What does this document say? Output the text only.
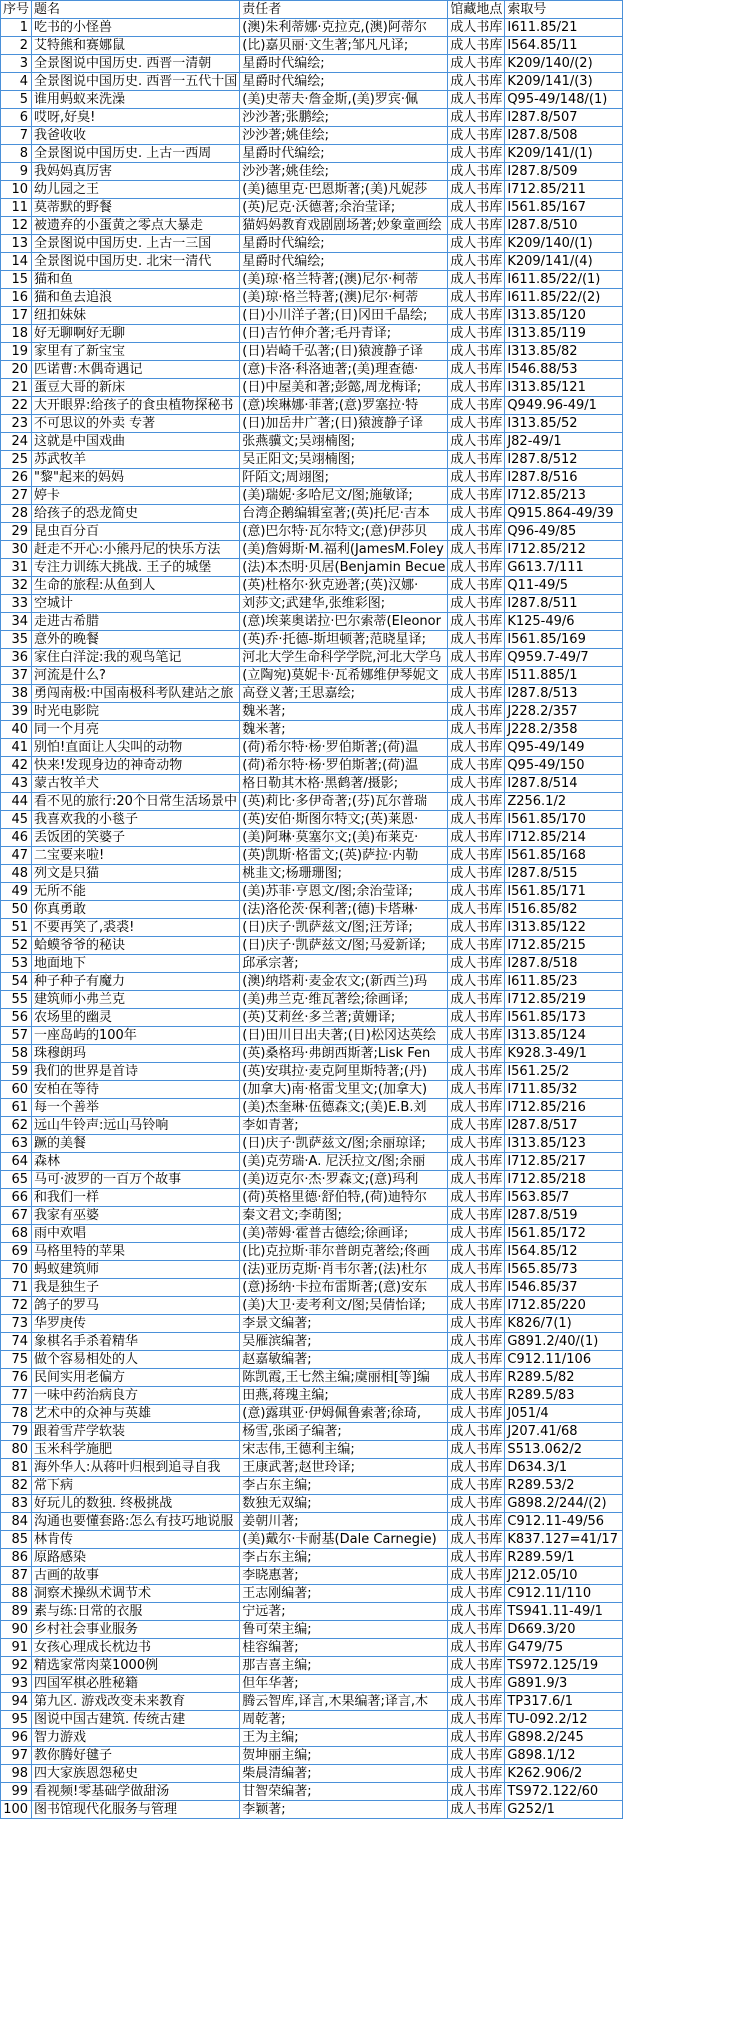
序号	题名	责任者	馆藏地点	索取号
1	吃书的小怪兽	(澳)朱利蒂娜·克拉克,(澳)阿蒂尔	成人书库	I611.85/21
2	艾特熊和赛娜鼠	(比)嘉贝丽·文生著;邹凡凡译;	成人书库	I564.85/11
3	全景图说中国历史. 西晋一清朝	星爵时代编绘;	成人书库	K209/140/(2)
4	全景图说中国历史. 西晋一五代十国	星爵时代编绘;	成人书库	K209/141/(3)
5	谁用蚂蚁来洗澡	(美)史蒂夫·詹金斯,(美)罗宾·佩	成人书库	Q95-49/148/(1)
6	哎呀,好臭!	沙沙著;张鹏绘;	成人书库	I287.8/507
7	我爸收收	沙沙著;姚佳绘;	成人书库	I287.8/508
8	全景图说中国历史. 上古一西周	星爵时代编绘;	成人书库	K209/141/(1)
9	我妈妈真厉害	沙沙著;姚佳绘;	成人书库	I287.8/509
10	幼儿园之王	(美)德里克·巴恩斯著;(美)凡妮莎	成人书库	I712.85/211
11	莫蒂默的野餐	(英)尼克·沃德著;余治莹译;	成人书库	I561.85/167
12	被遗弃的小蛋黄之零点大暴走	猫妈妈教育戏剧剧场著;妙象童画绘	成人书库	I287.8/510
13	全景图说中国历史. 上古一三国	星爵时代编绘;	成人书库	K209/140/(1)
14	全景图说中国历史. 北宋一清代	星爵时代编绘;	成人书库	K209/141/(4)
15	猫和鱼	(美)琼·格兰特著;(澳)尼尔·柯蒂	成人书库	I611.85/22/(1)
16	猫和鱼去追浪	(美)琼·格兰特著;(澳)尼尔·柯蒂	成人书库	I611.85/22/(2)
17	纽扣妹妹	(日)小川洋子著;(日)冈田千晶绘;	成人书库	I313.85/120
18	好无聊啊好无聊	(日)吉竹伸介著;毛丹青译;	成人书库	I313.85/119
19	家里有了新宝宝	(日)岩崎千弘著;(日)猿渡静子译	成人书库	I313.85/82
20	匹诺曹:木偶奇遇记	(意)卡洛·科洛迪著;(美)理查德·	成人书库	I546.88/53
21	蛋豆大哥的新床	(日)中屋美和著;彭懿,周龙梅译;	成人书库	I313.85/121
22	大开眼界:给孩子的食虫植物探秘书	(意)埃琳娜·菲著;(意)罗塞拉·特	成人书库	Q949.96-49/1
23	不可思议的外卖 专著	(日)加岳井广著;(日)猿渡静子译	成人书库	I313.85/52
24	这就是中国戏曲	张燕骥文;吴翊楠图;	成人书库	J82-49/1
25	苏武牧羊	吴正阳文;吴翊楠图;	成人书库	I287.8/512
26	"黎"起来的妈妈	阡陌文;周翊图;	成人书库	I287.8/516
27	婷卡	(美)瑞妮·多哈尼文/图;施敏译;	成人书库	I712.85/213
28	给孩子的恐龙简史	台湾企鹅编辑室著;(英)托尼·吉本	成人书库	Q915.864-49/39
29	昆虫百分百	(意)巴尔特·瓦尔特文;(意)伊莎贝	成人书库	Q96-49/85
30	赶走不开心:小熊丹尼的快乐方法	(美)詹姆斯·M.福利(JamesM.Foley	成人书库	I712.85/212
31	专注力训练大挑战. 王子的城堡	(法)本杰明·贝居(Benjamin Becue	成人书库	G613.7/111
32	生命的旅程:从鱼到人	(英)杜格尔·狄克逊著;(英)汉娜·	成人书库	Q11-49/5
33	空城计	刘莎文;武建华,张维彩图;	成人书库	I287.8/511
34	走进古希腊	(意)埃莱奥诺拉·巴尔索蒂(Eleonor	成人书库	K125-49/6
35	意外的晚餐	(英)乔·托德-斯坦顿著;范晓星译;	成人书库	I561.85/169
36	家住白洋淀:我的观鸟笔记	河北大学生命科学学院,河北大学乌	成人书库	Q959.7-49/7
37	河流是什么?	(立陶宛)莫妮卡·瓦希娜维伊琴妮文	成人书库	I511.885/1
38	勇闯南极:中国南极科考队建站之旅	高登义著;王思嘉绘;	成人书库	I287.8/513
39	时光电影院	魏米著;	成人书库	J228.2/357
40	同一个月亮	魏米著;	成人书库	J228.2/358
41	别怕!直面让人尖叫的动物	(荷)希尔特·杨·罗伯斯著;(荷)温	成人书库	Q95-49/149
42	快来!发现身边的神奇动物	(荷)希尔特·杨·罗伯斯著;(荷)温	成人书库	Q95-49/150
43	蒙古牧羊犬	格日勒其木格·黑鹤著/摄影;	成人书库	I287.8/514
44	看不见的旅行:20个日常生活场景中	(英)莉比·多伊奇著;(芬)瓦尔普瑞	成人书库	Z256.1/2
45	我喜欢我的小毯子	(英)安伯·斯图尔特文;(英)莱恩·	成人书库	I561.85/170
46	丢饭团的笑婆子	(美)阿琳·莫塞尔文;(美)布莱克·	成人书库	I712.85/214
47	二宝要来啦!	(英)凯斯·格雷文;(英)萨拉·内勒	成人书库	I561.85/168
48	列文是只猫	桃韭文;杨珊珊图;	成人书库	I287.8/515
49	无所不能	(美)苏菲·亨恩文/图;余治莹译;	成人书库	I561.85/171
50	你真勇敢	(法)洛伦茨·保利著;(德)卡塔琳·	成人书库	I516.85/82
51	不要再笑了,裘裘!	(日)庆子·凯萨兹文/图;汪芳译;	成人书库	I313.85/122
52	蛤蟆爷爷的秘诀	(日)庆子·凯萨兹文/图;马爱新译;	成人书库	I712.85/215
53	地面地下	邱承宗著;	成人书库	I287.8/518
54	种子种子有魔力	(澳)纳塔莉·麦金农文;(新西兰)玛	成人书库	I611.85/23
55	建筑师小弗兰克	(美)弗兰克·维瓦著绘;徐画译;	成人书库	I712.85/219
56	农场里的幽灵	(英)艾莉丝·多兰著;黄姗译;	成人书库	I561.85/173
57	一座岛屿的100年	(日)田川日出夫著;(日)松冈达英绘	成人书库	I313.85/124
58	珠穆朗玛	(英)桑格玛·弗朗西斯著;Lisk Fen	成人书库	K928.3-49/1
59	我们的世界是首诗	(英)安琪拉·麦克阿里斯特著;(丹)	成人书库	I561.25/2
60	安柏在等待	(加拿大)南·格雷戈里文;(加拿大)	成人书库	I711.85/32
61	每一个善举	(美)杰奎琳·伍德森文;(美)E.B.刘	成人书库	I712.85/216
62	远山牛铃声:远山马铃响	李如青著;	成人书库	I287.8/517
63	蹶的美餐	(日)庆子·凯萨兹文/图;余丽琼译;	成人书库	I313.85/123
64	森林	(美)克劳瑞·A. 尼沃拉文/图;余丽	成人书库	I712.85/217
65	马可·波罗的一百万个故事	(美)迈克尔·杰·罗森文;(意)玛利	成人书库	I712.85/218
66	和我们一样	(荷)英格里德·舒伯特,(荷)迪特尔	成人书库	I563.85/7
67	我家有巫婆	秦文君文;李萌图;	成人书库	I287.8/519
68	雨中欢唱	(美)蒂姆·霍普古德绘;徐画译;	成人书库	I561.85/172
69	马格里特的苹果	(比)克拉斯·菲尔普朗克著绘;佟画	成人书库	I564.85/12
70	蚂蚁建筑师	(法)亚历克斯·肖韦尔著;(法)杜尔	成人书库	I565.85/73
71	我是独生子	(意)扬纳·卡拉布雷斯著;(意)安东	成人书库	I546.85/37
72	鸽子的罗马	(美)大卫·麦考利文/图;吴倩怡译;	成人书库	I712.85/220
73	华罗庚传	李景文编著;	成人书库	K826/7(1)
74	象棋名手杀着精华	吴雁滨编著;	成人书库	G891.2/40/(1)
75	做个容易相处的人	赵嘉敏编著;	成人书库	C912.11/106
76	民间实用老偏方	陈凯霞,王七然主编;虞丽相[等]编	成人书库	R289.5/82
77	一味中药治病良方	田燕,蒋瑰主编;	成人书库	R289.5/83
78	艺术中的众神与英雄	(意)露琪亚·伊姆佩鲁索著;徐琦,	成人书库	J051/4
79	跟着雪芹学软装	杨雪,张函子编著;	成人书库	J207.41/68
80	玉米科学施肥	宋志伟,王德利主编;	成人书库	S513.062/2
81	海外华人:从蒋叶归根到追寻自我	王康武著;赵世玲译;	成人书库	D634.3/1
82	常下病	李占东主编;	成人书库	R289.53/2
83	好玩儿的数独. 终极挑战	数独无双编;	成人书库	G898.2/244/(2)
84	沟通也要懂套路:怎么有技巧地说服	姜朝川著;	成人书库	C912.11-49/56
85	林肯传	(美)戴尔·卡耐基(Dale Carnegie)	成人书库	K837.127=41/17
86	原路感染	李占东主编;	成人书库	R289.59/1
87	古画的故事	李晓惠著;	成人书库	J212.05/10
88	洞察术操纵术调节术	王志刚编著;	成人书库	C912.11/110
89	素与练:日常的衣服	宁远著;	成人书库	TS941.11-49/1
90	乡村社会事业服务	鲁可荣主编;	成人书库	D669.3/20
91	女孩心理成长枕边书	桂容编著;	成人书库	G479/75
92	精选家常肉菜1000例	那吉喜主编;	成人书库	TS972.125/19
93	四国军棋必胜秘籍	但年华著;	成人书库	G891.9/3
94	第九区. 游戏改变未来教育	腾云智库,译言,木果编著;译言,木	成人书库	TP317.6/1
95	图说中国古建筑. 传统古建	周乾著;	成人书库	TU-092.2/12
96	智力游戏	王为主编;	成人书库	G898.2/245
97	教你腾好毽子	贺坤丽主编;	成人书库	G898.1/12
98	四大家族恩怨秘史	柴晨清编著;	成人书库	K262.906/2
99	看视频!零基础学做甜汤	甘智荣编著;	成人书库	TS972.122/60
100	图书馆现代化服务与管理	李颖著;	成人书库	G252/1
